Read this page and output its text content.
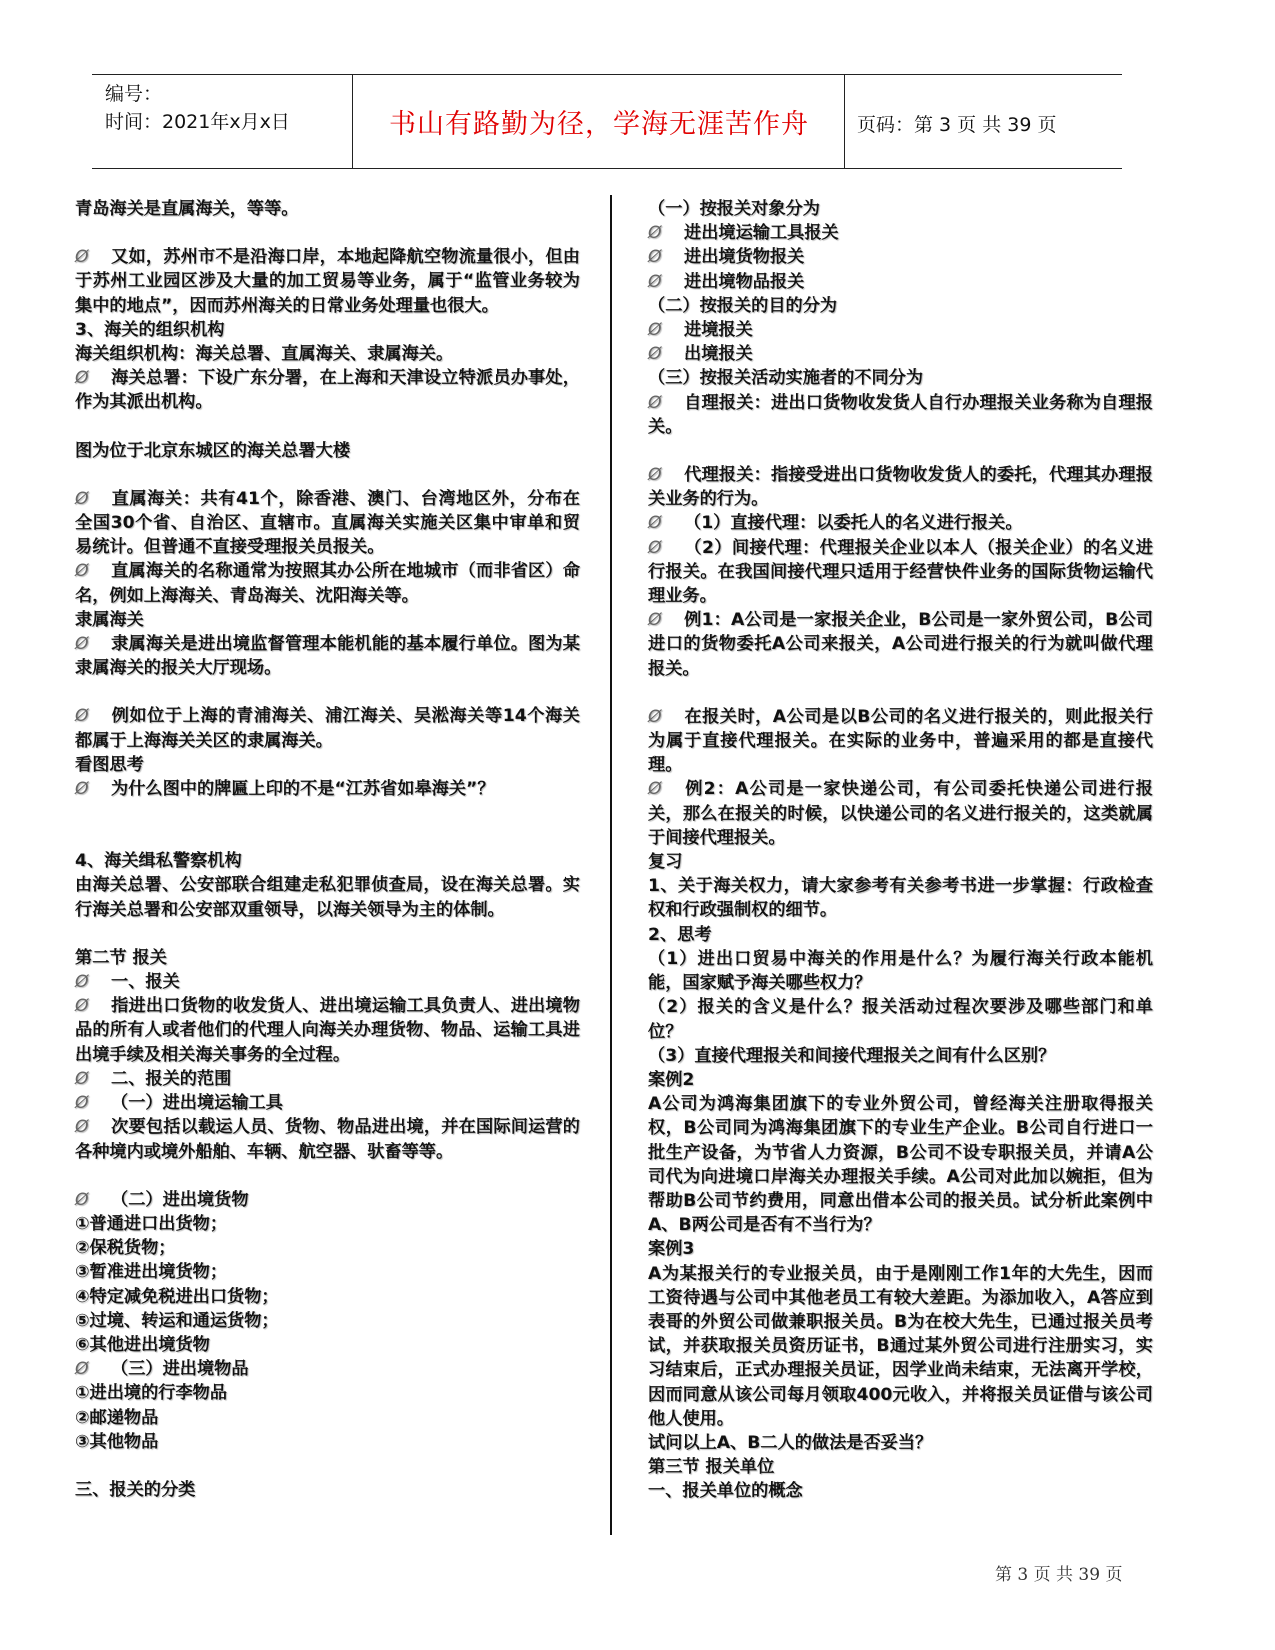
编号：
时间：2021年x月x日	书山有路勤为径，学海无涯苦作舟	页码：第 3 页 共 39 页
青岛海关是直属海关，等等。
Ø 又如，苏州市不是沿海口岸，本地起降航空物流量很小，但由于苏州工业园区涉及大量的加工贸易等业务，属于“监管业务较为集中的地点”，因而苏州海关的日常业务处理量也很大。
3、海关的组织机构
海关组织机构：海关总署、直属海关、隶属海关。
Ø 海关总署：下设广东分署，在上海和天津设立特派员办事处，作为其派出机构。
图为位于北京东城区的海关总署大楼
Ø 直属海关：共有41个，除香港、澳门、台湾地区外，分布在全国30个省、自治区、直辖市。直属海关实施关区集中审单和贸易统计。但普通不直接受理报关员报关。
Ø 直属海关的名称通常为按照其办公所在地城市（而非省区）命名，例如上海海关、青岛海关、沈阳海关等。
隶属海关
Ø 隶属海关是进出境监督管理本能机能的基本履行单位。图为某隶属海关的报关大厅现场。
Ø 例如位于上海的青浦海关、浦江海关、吴淞海关等14个海关都属于上海海关关区的隶属海关。
看图思考
Ø 为什么图中的牌匾上印的不是“江苏省如皋海关”？
4、海关缉私警察机构
由海关总署、公安部联合组建走私犯罪侦查局，设在海关总署。实行海关总署和公安部双重领导，以海关领导为主的体制。
第二节 报关
Ø 一、报关
Ø 指进出口货物的收发货人、进出境运输工具负责人、进出境物品的所有人或者他们的代理人向海关办理货物、物品、运输工具进出境手续及相关海关事务的全过程。
Ø 二、报关的范围
Ø （一）进出境运输工具
Ø 次要包括以载运人员、货物、物品进出境，并在国际间运营的各种境内或境外船舶、车辆、航空器、驮畜等等。
Ø （二）进出境货物
①普通进口出货物；
②保税货物；
③暂准进出境货物；
④特定减免税进出口货物；
⑤过境、转运和通运货物；
⑥其他进出境货物
Ø （三）进出境物品
①进出境的行李物品
②邮递物品
③其他物品
三、报关的分类
（一）按报关对象分为
Ø 进出境运输工具报关
Ø 进出境货物报关
Ø 进出境物品报关
（二）按报关的目的分为
Ø 进境报关
Ø 出境报关
（三）按报关活动实施者的不同分为
Ø 自理报关：进出口货物收发货人自行办理报关业务称为自理报关。
Ø 代理报关：指接受进出口货物收发货人的委托，代理其办理报关业务的行为。
Ø （1）直接代理：以委托人的名义进行报关。
Ø （2）间接代理：代理报关企业以本人（报关企业）的名义进行报关。在我国间接代理只适用于经营快件业务的国际货物运输代理业务。
Ø 例1：A公司是一家报关企业，B公司是一家外贸公司，B公司进口的货物委托A公司来报关，A公司进行报关的行为就叫做代理报关。
Ø 在报关时，A公司是以B公司的名义进行报关的，则此报关行为属于直接代理报关。在实际的业务中，普遍采用的都是直接代理。
Ø 例2：A公司是一家快递公司，有公司委托快递公司进行报关，那么在报关的时候，以快递公司的名义进行报关的，这类就属于间接代理报关。
复习
1、关于海关权力，请大家参考有关参考书进一步掌握：行政检查权和行政强制权的细节。
2、思考
（1）进出口贸易中海关的作用是什么？为履行海关行政本能机能，国家赋予海关哪些权力？
（2）报关的含义是什么？报关活动过程次要涉及哪些部门和单位？
（3）直接代理报关和间接代理报关之间有什么区别？
案例2
A公司为鸿海集团旗下的专业外贸公司，曾经海关注册取得报关权，B公司同为鸿海集团旗下的专业生产企业。B公司自行进口一批生产设备，为节省人力资源，B公司不设专职报关员，并请A公司代为向进境口岸海关办理报关手续。A公司对此加以婉拒，但为帮助B公司节约费用，同意出借本公司的报关员。试分析此案例中A、B两公司是否有不当行为？
案例3
A为某报关行的专业报关员，由于是刚刚工作1年的大先生，因而工资待遇与公司中其他老员工有较大差距。为添加收入，A答应到表哥的外贸公司做兼职报关员。B为在校大先生，已通过报关员考试，并获取报关员资历证书，B通过某外贸公司进行注册实习，实习结束后，正式办理报关员证，因学业尚未结束，无法离开学校，因而同意从该公司每月领取400元收入，并将报关员证借与该公司他人使用。
试问以上A、B二人的做法是否妥当？
第三节 报关单位
一、报关单位的概念
第 3 页 共 39 页
